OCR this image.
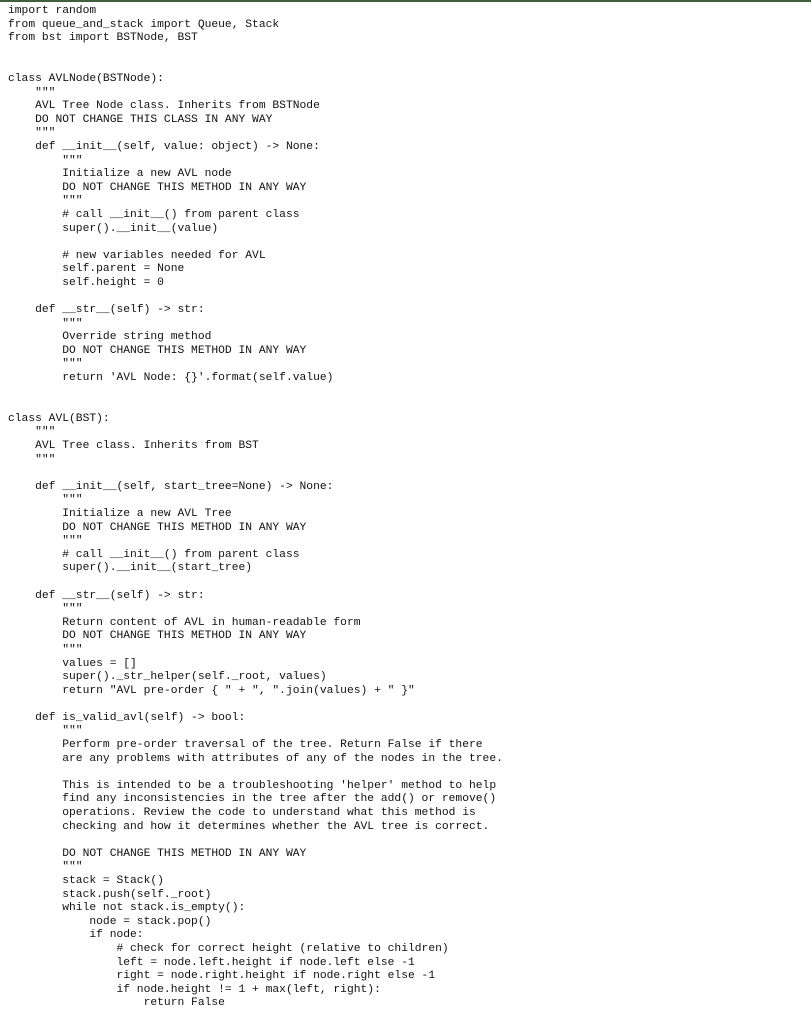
import random
from queue_and_stack import Queue, Stack
from bst import BSTNode, BST
class AVLNode(BSTNode):
"""
AVL Tree Node class. Inherits from BSTNode
DO NOT CHANGE THIS CLASS IN ANY WAY
"""
def __init__(self, value: object) -> None:
"""
Initialize a new AVL node
DO NOT CHANGE THIS METHOD IN ANY WAY
"""
# call __init__() from parent class
super().__init__(value)
# new variables needed for AVL
self.parent = None
self.height = 0
def __str__(self) -> str:
"""
Override string method
DO NOT CHANGE THIS METHOD IN ANY WAY
"""
return 'AVL Node: {}'.format(self.value)
class AVL(BST):
"""
AVL Tree class. Inherits from BST
"""
def __init__(self, start_tree=None) -> None:
"""
Initialize a new AVL Tree
DO NOT CHANGE THIS METHOD IN ANY WAY
"""
# call __init__() from parent class
super().__init__(start_tree)
def __str__(self) -> str:
"""
Return content of AVL in human-readable form
DO NOT CHANGE THIS METHOD IN ANY WAY
"""
values = []
super()._str_helper(self._root, values)
return "AVL pre-order { " + ", ".join(values) + " }"
def is_valid_avl(self) -> bool:
"""
Perform pre-order traversal of the tree. Return False if there
are any problems with attributes of any of the nodes in the tree.
This is intended to be a troubleshooting 'helper' method to help
find any inconsistencies in the tree after the add() or remove()
operations. Review the code to understand what this method is
checking and how it determines whether the AVL tree is correct.
DO NOT CHANGE THIS METHOD IN ANY WAY
"""
stack = Stack()
stack.push(self._root)
while not stack.is_empty():
node = stack.pop()
if node:
# check for correct height (relative to children)
left = node.left.height if node.left else -1
right = node.right.height if node.right else -1
if node.height != 1 + max(left, right):
return False
